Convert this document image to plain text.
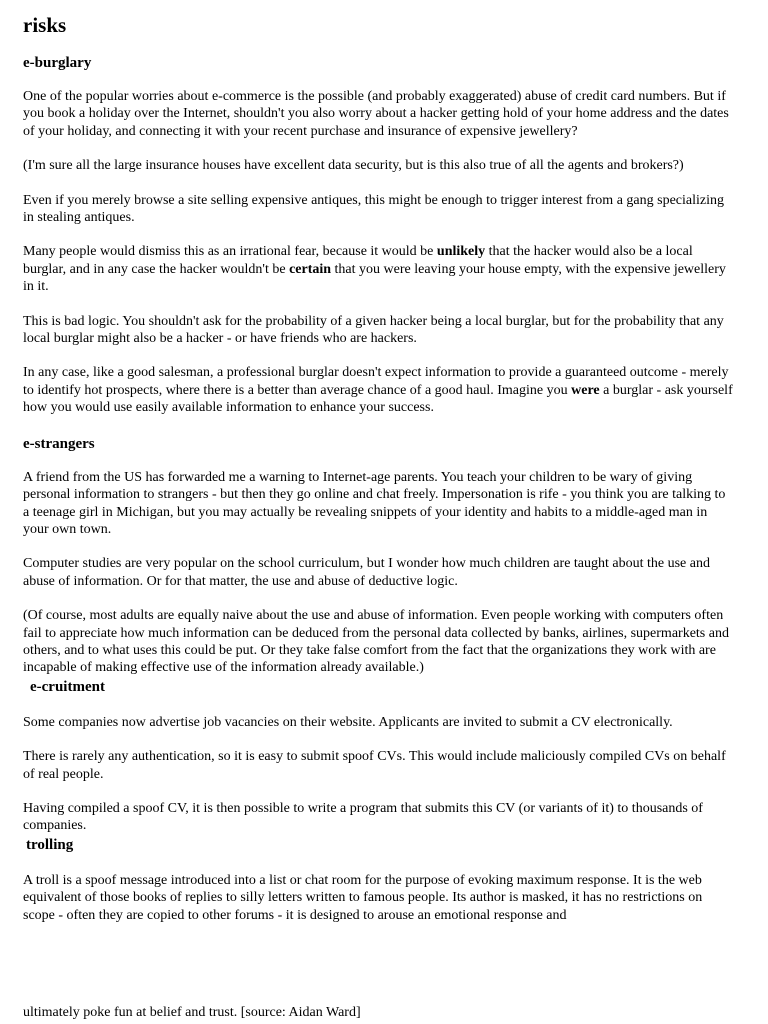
risks
e-burglary

One of the popular worries about e-commerce is the possible (and probably exaggerated) abuse of credit card numbers. But if you book a holiday over the Internet, shouldn't you also worry about a hacker getting hold of your home address and the dates of your holiday, and connecting it with your recent purchase and insurance of expensive jewellery?

(I'm sure all the large insurance houses have excellent data security, but is this also true of all the agents and brokers?)

Even if you merely browse a site selling expensive antiques, this might be enough to trigger interest from a gang specializing in stealing antiques.

Many people would dismiss this as an irrational fear, because it would be unlikely that the hacker would also be a local burglar, and in any case the hacker wouldn't be certain that you were leaving your house empty, with the expensive jewellery in it.

This is bad logic. You shouldn't ask for the probability of a given hacker being a local burglar, but for the probability that any local burglar might also be a hacker - or have friends who are hackers.

In any case, like a good salesman, a professional burglar doesn't expect information to provide a guaranteed outcome - merely to identify hot prospects, where there is a better than average chance of a good haul. Imagine you were a burglar - ask yourself how you would use easily available information to enhance your success.

e-strangers

A friend from the US has forwarded me a warning to Internet-age parents. You teach your children to be wary of giving personal information to strangers - but then they go online and chat freely. Impersonation is rife - you think you are talking to a teenage girl in Michigan, but you may actually be revealing snippets of your identity and habits to a middle-aged man in your own town.

Computer studies are very popular on the school curriculum, but I wonder how much children are taught about the use and abuse of information. Or for that matter, the use and abuse of deductive logic.

(Of course, most adults are equally naive about the use and abuse of information. Even people working with computers often fail to appreciate how much information can be deduced from the personal data collected by banks, airlines, supermarkets and others, and to what uses this could be put. Or they take false comfort from the fact that the organizations they work with are incapable of making effective use of the information already available.)

e-cruitment

Some companies now advertise job vacancies on their website. Applicants are invited to submit a CV electronically.

There is rarely any authentication, so it is easy to submit spoof CVs. This would include maliciously compiled CVs on behalf of real people.

Having compiled a spoof CV, it is then possible to write a program that submits this CV (or variants of it) to thousands of companies.

trolling

A troll is a spoof message introduced into a list or chat room for the purpose of evoking maximum response. It is the web equivalent of those books of replies to silly letters written to famous people. Its author is masked, it has no restrictions on scope - often they are copied to other forums - it is designed to arouse an emotional response and

ultimately poke fun at belief and trust. [source: Aidan Ward]
